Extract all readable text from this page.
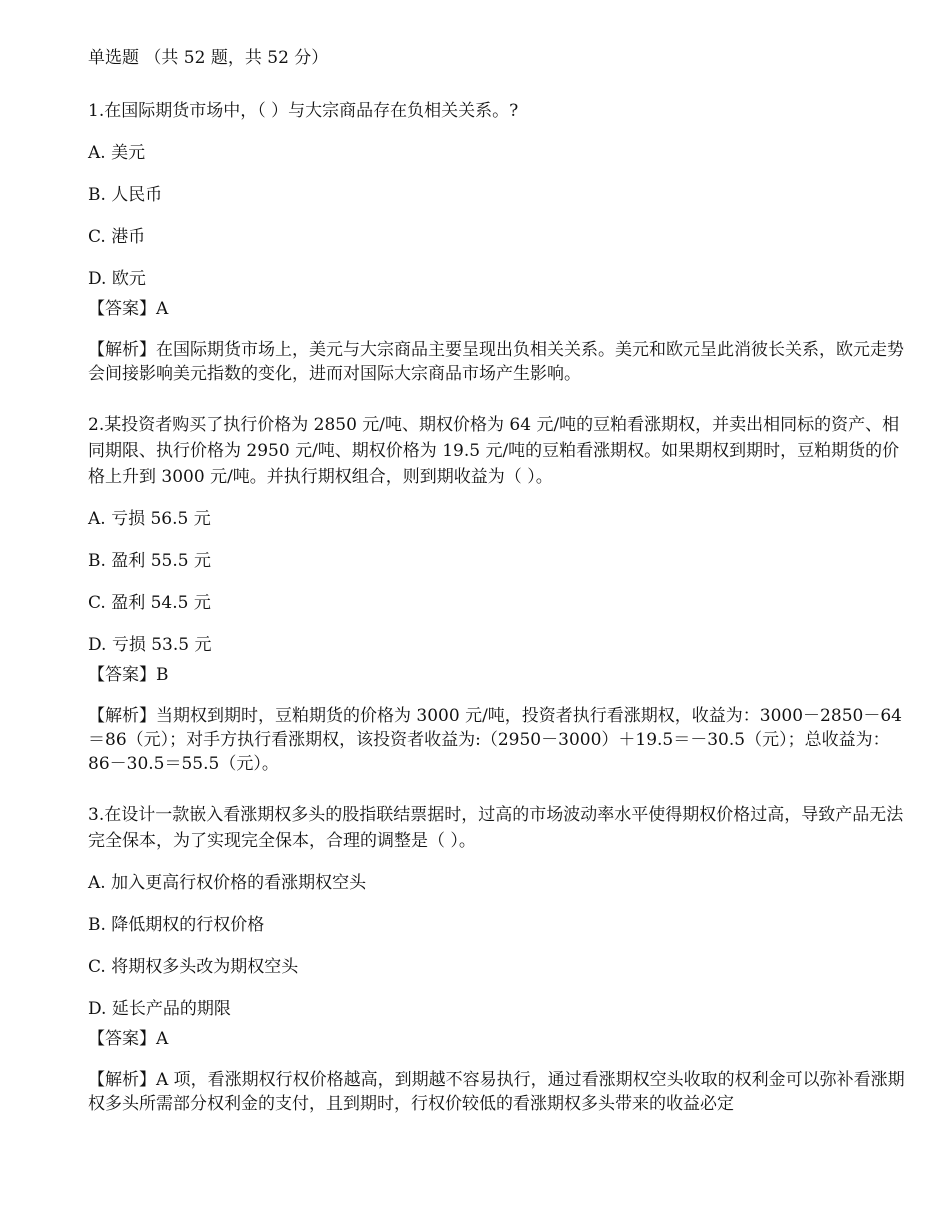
单选题 （共 52 题，共 52 分）
1.在国际期货市场中，（ ）与大宗商品存在负相关关系。?
A. 美元
B. 人民币
C. 港币
D. 欧元
【答案】A
【解析】在国际期货市场上，美元与大宗商品主要呈现出负相关关系。美元和欧元呈此消彼长关系，欧元走势会间接影响美元指数的变化，进而对国际大宗商品市场产生影响。
2.某投资者购买了执行价格为 2850 元/吨、期权价格为 64 元/吨的豆粕看涨期权，并卖出相同标的资产、相同期限、执行价格为 2950 元/吨、期权价格为 19.5 元/吨的豆粕看涨期权。如果期权到期时，豆粕期货的价格上升到 3000 元/吨。并执行期权组合，则到期收益为（ ）。
A. 亏损 56.5 元
B. 盈利 55.5 元
C. 盈利 54.5 元
D. 亏损 53.5 元
【答案】B
【解析】当期权到期时，豆粕期货的价格为 3000 元/吨，投资者执行看涨期权，收益为：3000－2850－64＝86（元）；对手方执行看涨期权，该投资者收益为:（2950－3000）＋19.5＝－30.5（元）；总收益为：86－30.5＝55.5（元）。
3.在设计一款嵌入看涨期权多头的股指联结票据时，过高的市场波动率水平使得期权价格过高，导致产品无法完全保本，为了实现完全保本，合理的调整是（ ）。
A. 加入更高行权价格的看涨期权空头
B. 降低期权的行权价格
C. 将期权多头改为期权空头
D. 延长产品的期限
【答案】A
【解析】A 项，看涨期权行权价格越高，到期越不容易执行，通过看涨期权空头收取的权利金可以弥补看涨期权多头所需部分权利金的支付，且到期时，行权价较低的看涨期权多头带来的收益必定
